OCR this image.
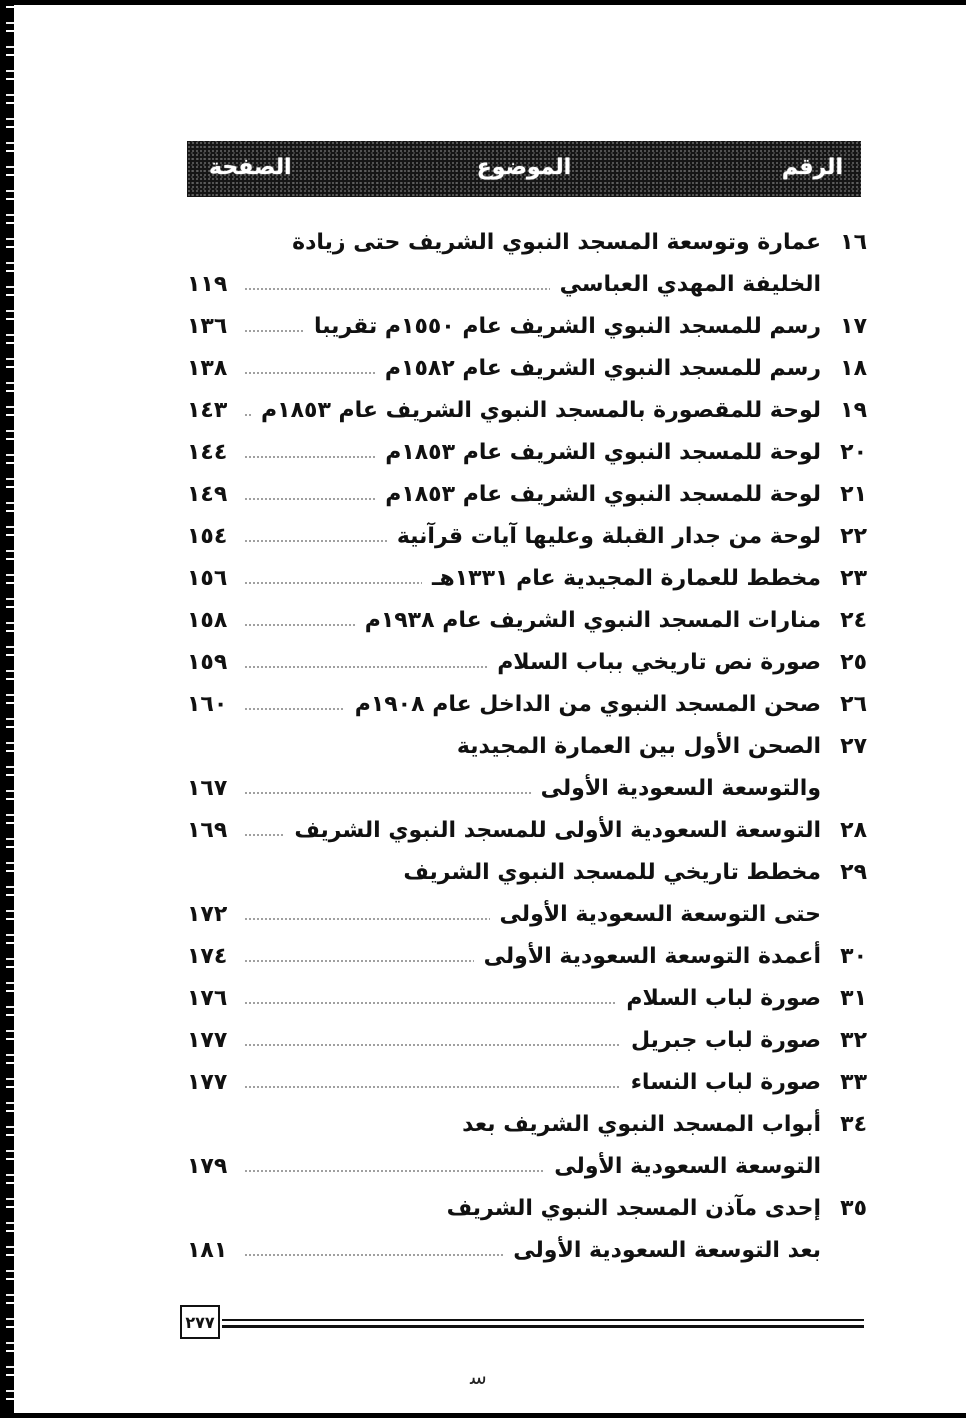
الرقم
الموضوع
الصفحة
١٦
عمارة وتوسعة المسجد النبوي الشريف حتى زيادة
الخليفة المهدي العباسي
١١٩
١٧
رسم للمسجد النبوي الشريف عام ١٥٥٠م تقريبا
١٣٦
١٨
رسم للمسجد النبوي الشريف عام ١٥٨٢م
١٣٨
١٩
لوحة للمقصورة بالمسجد النبوي الشريف عام ١٨٥٣م
١٤٣
٢٠
لوحة للمسجد النبوي الشريف عام ١٨٥٣م
١٤٤
٢١
لوحة للمسجد النبوي الشريف عام ١٨٥٣م
١٤٩
٢٢
لوحة من جدار القبلة وعليها آيات قرآنية
١٥٤
٢٣
مخطط للعمارة المجيدية عام ١٣٣١هـ
١٥٦
٢٤
منارات المسجد النبوي الشريف عام ١٩٣٨م
١٥٨
٢٥
صورة نص تاريخي بباب السلام
١٥٩
٢٦
صحن المسجد النبوي من الداخل عام ١٩٠٨م
١٦٠
٢٧
الصحن الأول بين العمارة المجيدية
والتوسعة السعودية الأولى
١٦٧
٢٨
التوسعة السعودية الأولى للمسجد النبوي الشريف
١٦٩
٢٩
مخطط تاريخي للمسجد النبوي الشريف
حتى التوسعة السعودية الأولى
١٧٢
٣٠
أعمدة التوسعة السعودية الأولى
١٧٤
٣١
صورة لباب السلام
١٧٦
٣٢
صورة لباب جبريل
١٧٧
٣٣
صورة لباب النساء
١٧٧
٣٤
أبواب المسجد النبوي الشريف بعد
التوسعة السعودية الأولى
١٧٩
٣٥
إحدى مآذن المسجد النبوي الشريف
بعد التوسعة السعودية الأولى
١٨١
٢٧٧
ﺳ
